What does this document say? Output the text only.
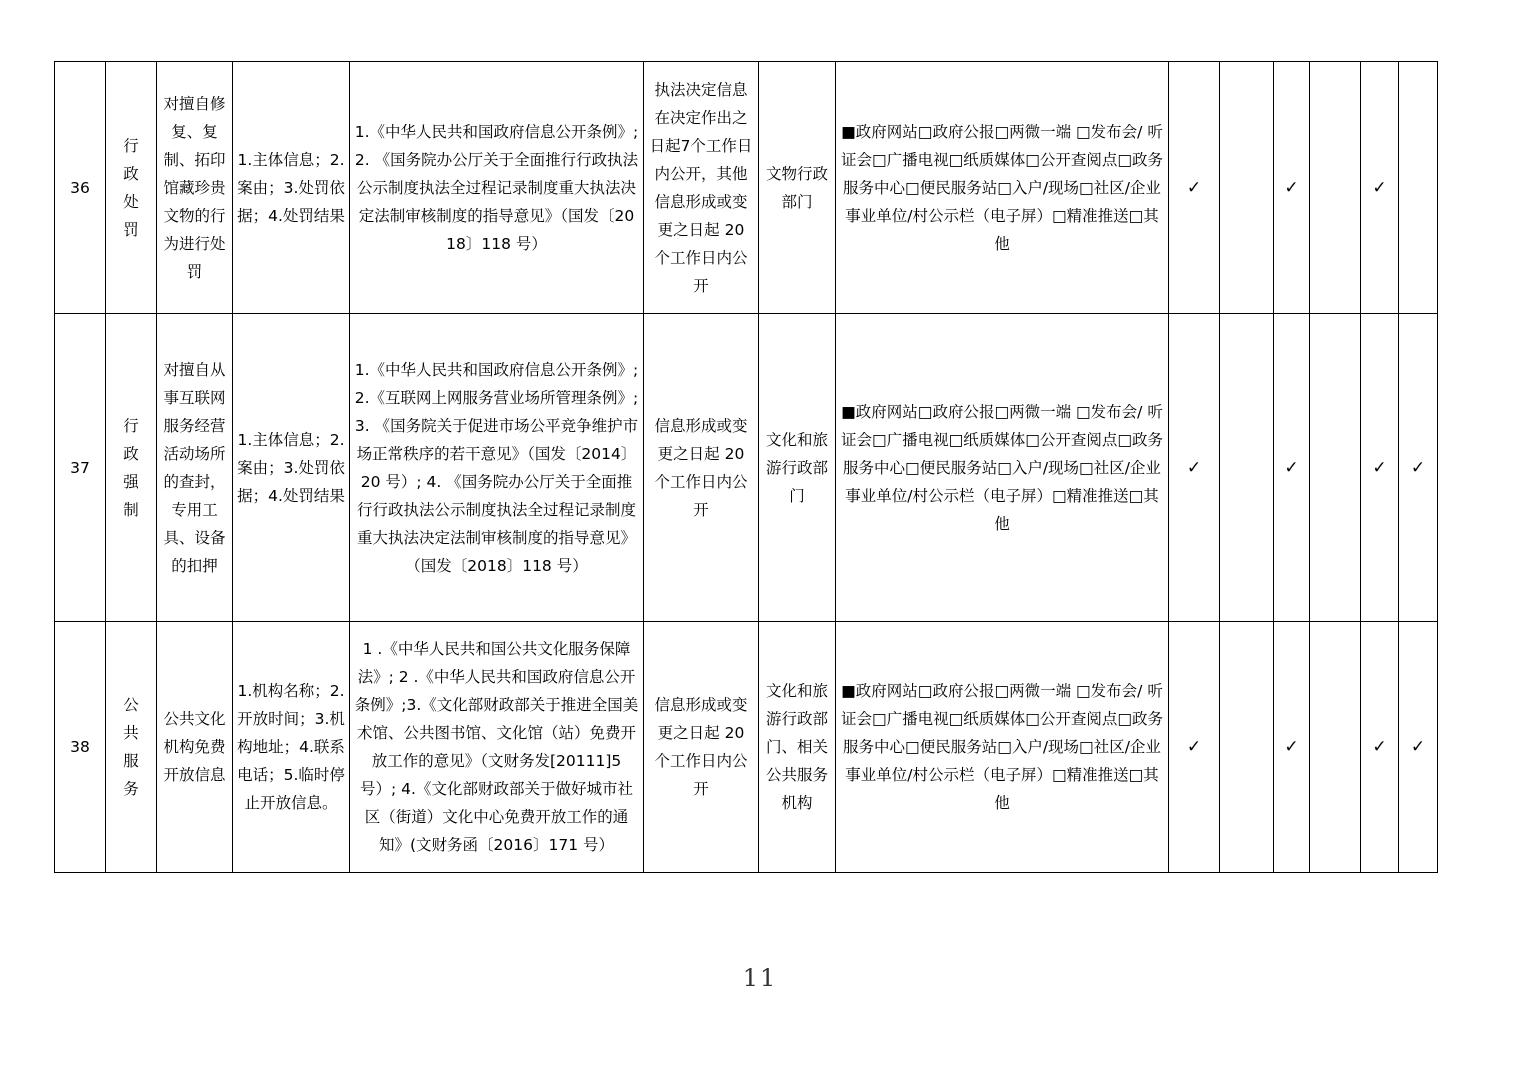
36	行政处罚	对擅自修复、复制、拓印馆藏珍贵文物的行为进行处罚	1.主体信息；2.案由；3.处罚依据；4.处罚结果	1.《中华人民共和国政府信息公开条例》;2. 《国务院办公厅关于全面推行行政执法公示制度执法全过程记录制度重大执法决定法制审核制度的指导意见》（国发〔2018〕118 号）	执法决定信息在决定作出之日起7个工作日内公开，其他信息形成或变更之日起 20 个工作日内公开	文物行政部门	■政府网站□政府公报□两微一端 □发布会/ 听证会□广播电视□纸质媒体□公开查阅点□政务服务中心□便民服务站□入户/现场□社区/企业事业单位/村公示栏（电子屏）□精准推送□其他	✓		✓		✓	
37	行政强制	对擅自从事互联网服务经营活动场所的查封，专用工具、设备的扣押	1.主体信息；2.案由；3.处罚依据；4.处罚结果	1.《中华人民共和国政府信息公开条例》;2.《互联网上网服务营业场所管理条例》; 3. 《国务院关于促进市场公平竞争维护市场正常秩序的若干意见》（国发〔2014〕20 号）; 4. 《国务院办公厅关于全面推行行政执法公示制度执法全过程记录制度重大执法决定法制审核制度的指导意见》（国发〔2018〕118 号）	信息形成或变更之日起 20 个工作日内公开	文化和旅游行政部门	■政府网站□政府公报□两微一端 □发布会/ 听证会□广播电视□纸质媒体□公开查阅点□政务服务中心□便民服务站□入户/现场□社区/企业事业单位/村公示栏（电子屏）□精准推送□其他	✓		✓		✓	✓
38	公共服务	公共文化机构免费开放信息	1.机构名称；2.开放时间；3.机构地址；4.联系电话；5.临时停止开放信息。	1 .《中华人民共和国公共文化服务保障法》; 2 .《中华人民共和国政府信息公开条例》;3.《文化部财政部关于推进全国美术馆、公共图书馆、文化馆（站）免费开放工作的意见》（文财务发[20111]5 号）; 4.《文化部财政部关于做好城市社区（街道）文化中心免费开放工作的通知》(文财务函〔2016〕171 号）	信息形成或变更之日起 20 个工作日内公开	文化和旅游行政部门、相关公共服务机构	■政府网站□政府公报□两微一端 □发布会/ 听证会□广播电视□纸质媒体□公开查阅点□政务服务中心□便民服务站□入户/现场□社区/企业事业单位/村公示栏（电子屏）□精准推送□其他	✓		✓		✓	✓
11
